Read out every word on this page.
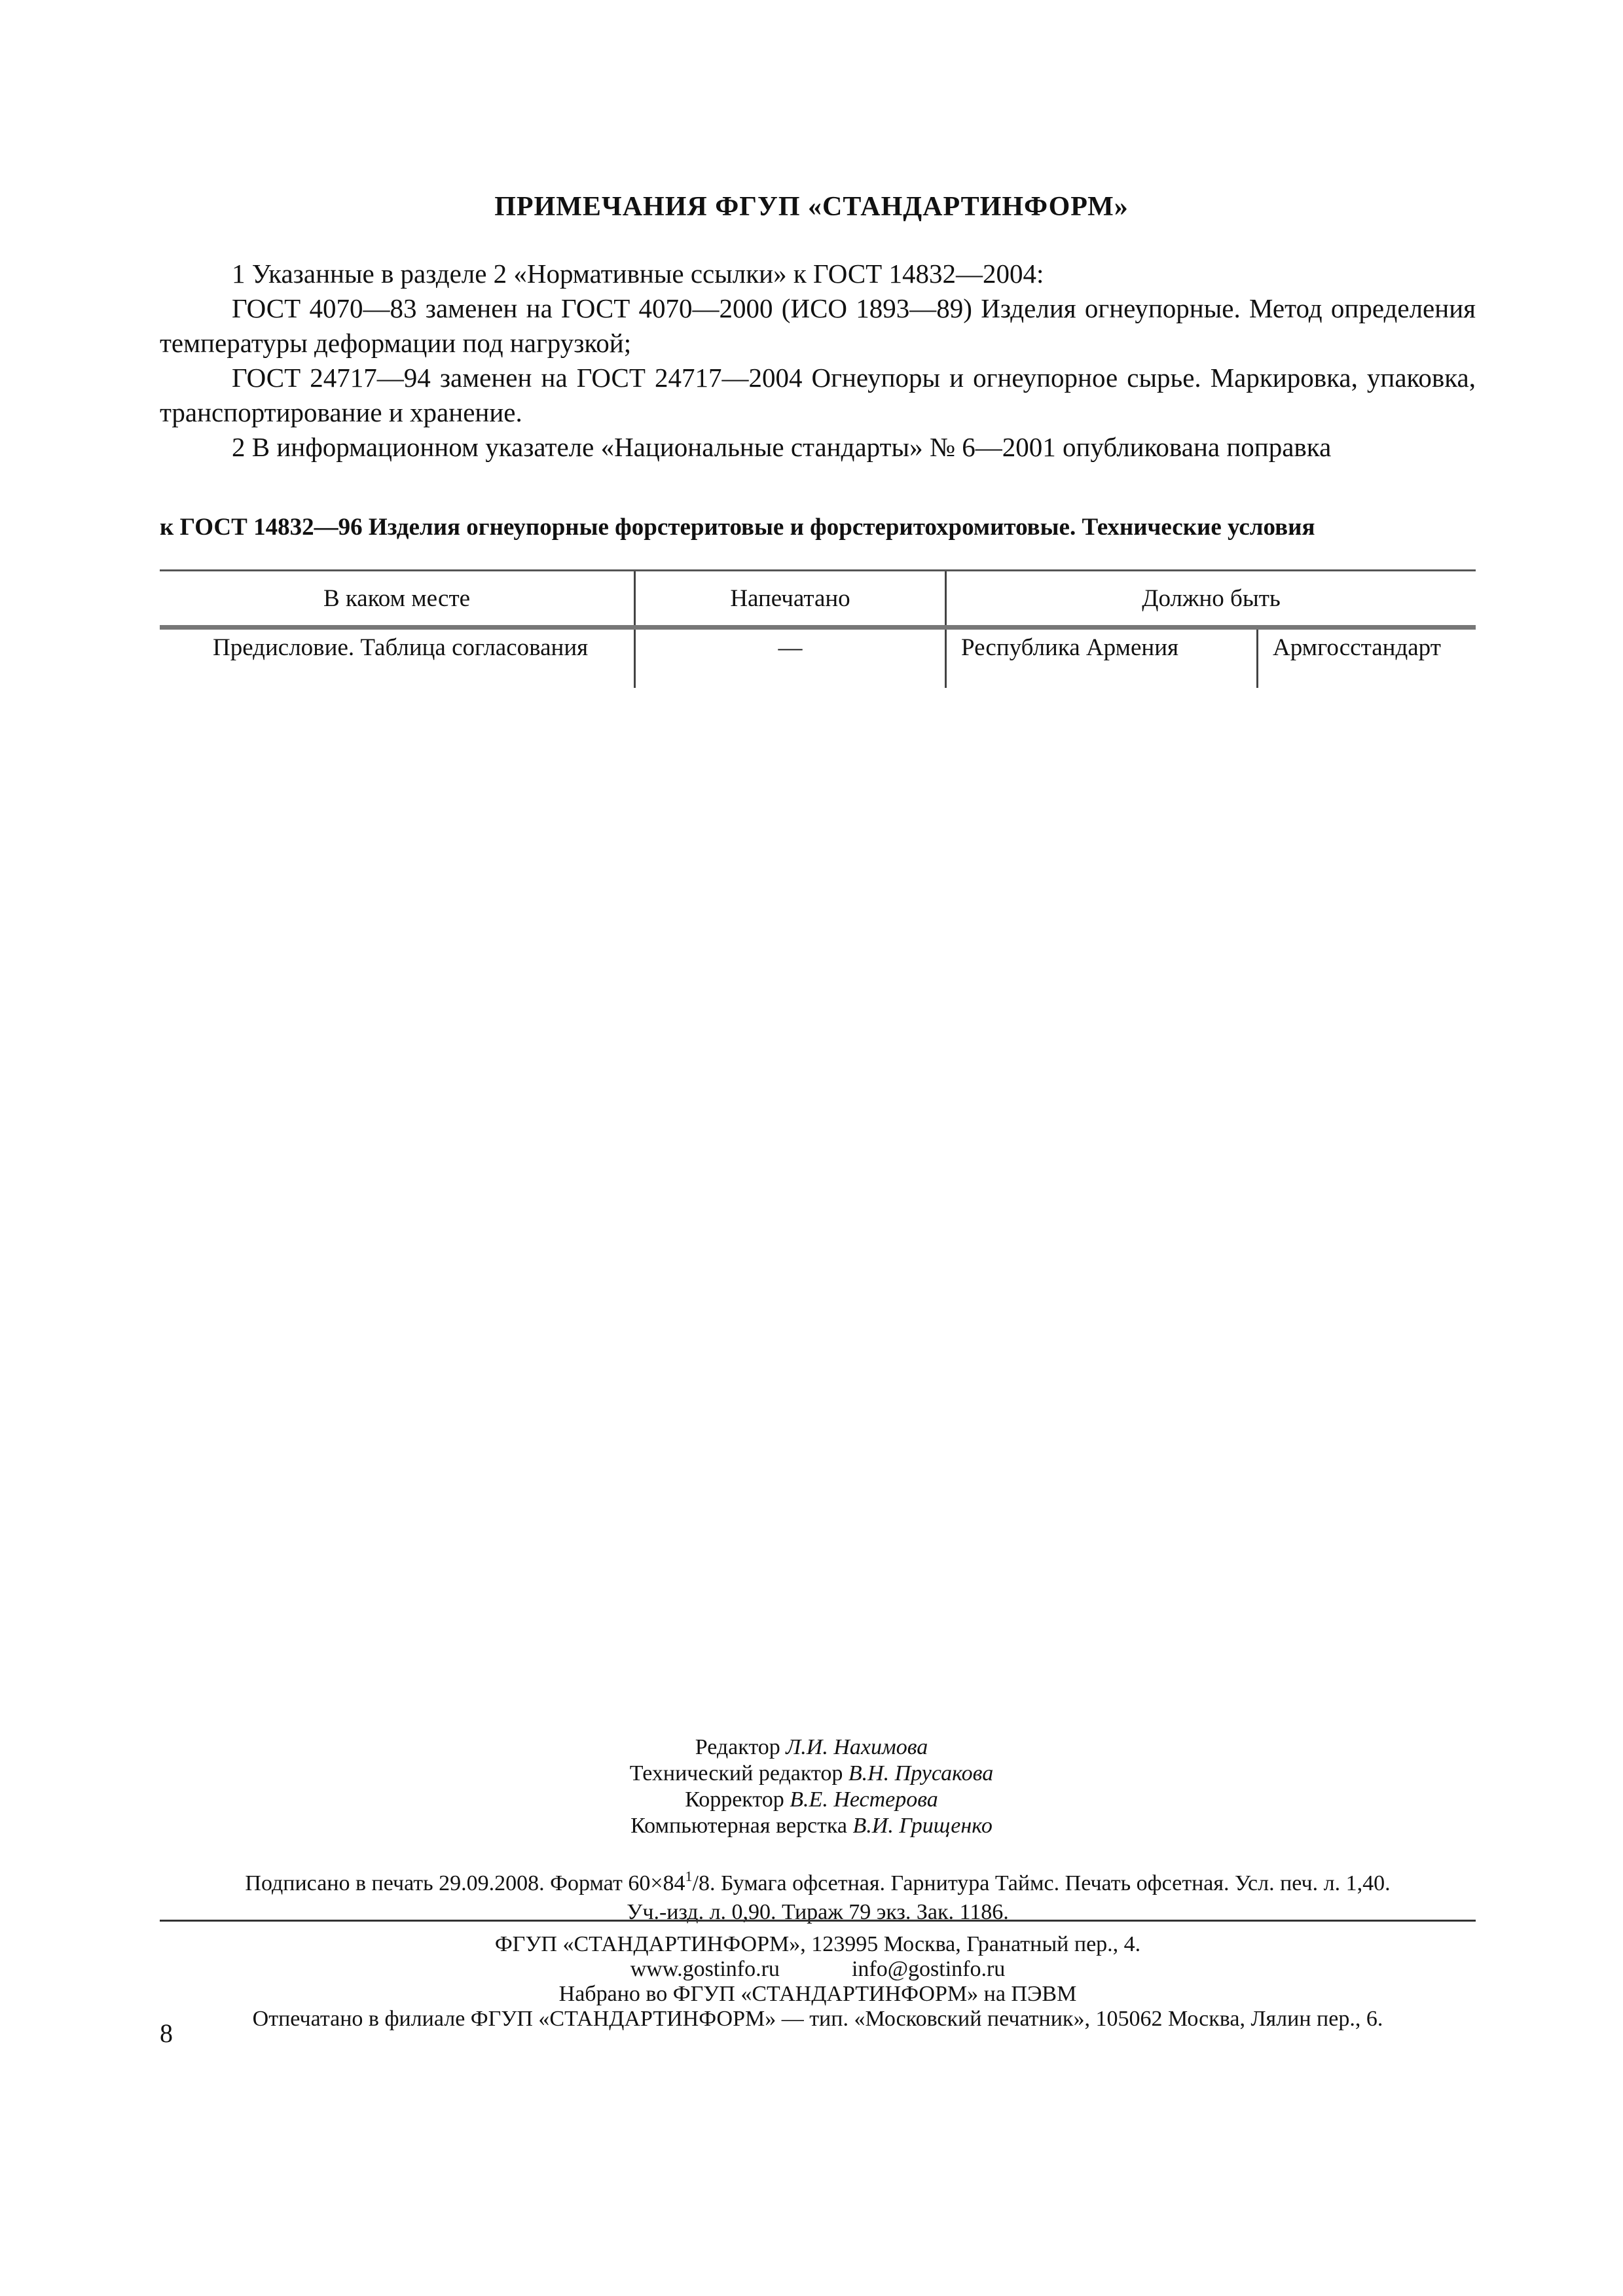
ПРИМЕЧАНИЯ ФГУП «СТАНДАРТИНФОРМ»
1 Указанные в разделе 2 «Нормативные ссылки» к ГОСТ 14832—2004:
ГОСТ 4070—83 заменен на ГОСТ 4070—2000 (ИСО 1893—89) Изделия огнеупорные. Метод определения температуры деформации под нагрузкой;
ГОСТ 24717—94 заменен на ГОСТ 24717—2004 Огнеупоры и огнеупорное сырье. Маркировка, упаковка, транспортирование и хранение.
2 В информационном указателе «Национальные стандарты» № 6—2001 опубликована поправка
к ГОСТ 14832—96 Изделия огнеупорные форстеритовые и форстеритохромитовые. Технические условия
В каком месте	Напечатано	Должно быть	
Предисловие. Таблица согласования	—	Республика Армения	Армгосстандарт
Редактор Л.И. Нахимова
Технический редактор В.Н. Прусакова
Корректор В.Е. Нестерова
Компьютерная верстка В.И. Грищенко
Подписано в печать 29.09.2008. Формат $60\times 84^1/8$. Бумага офсетная. Гарнитура Таймс. Печать офсетная. Усл. печ. л. 1,40.
Уч.-изд. л. 0,90. Тираж 79 экз. Зак. 1186.
ФГУП «СТАНДАРТИНФОРМ», 123995 Москва, Гранатный пер., 4.
www.gostinfo.ru	info@gostinfo.ru
Набрано во ФГУП «СТАНДАРТИНФОРМ» на ПЭВМ
Отпечатано в филиале ФГУП «СТАНДАРТИНФОРМ» — тип. «Московский печатник», 105062 Москва, Лялин пер., 6.
8
